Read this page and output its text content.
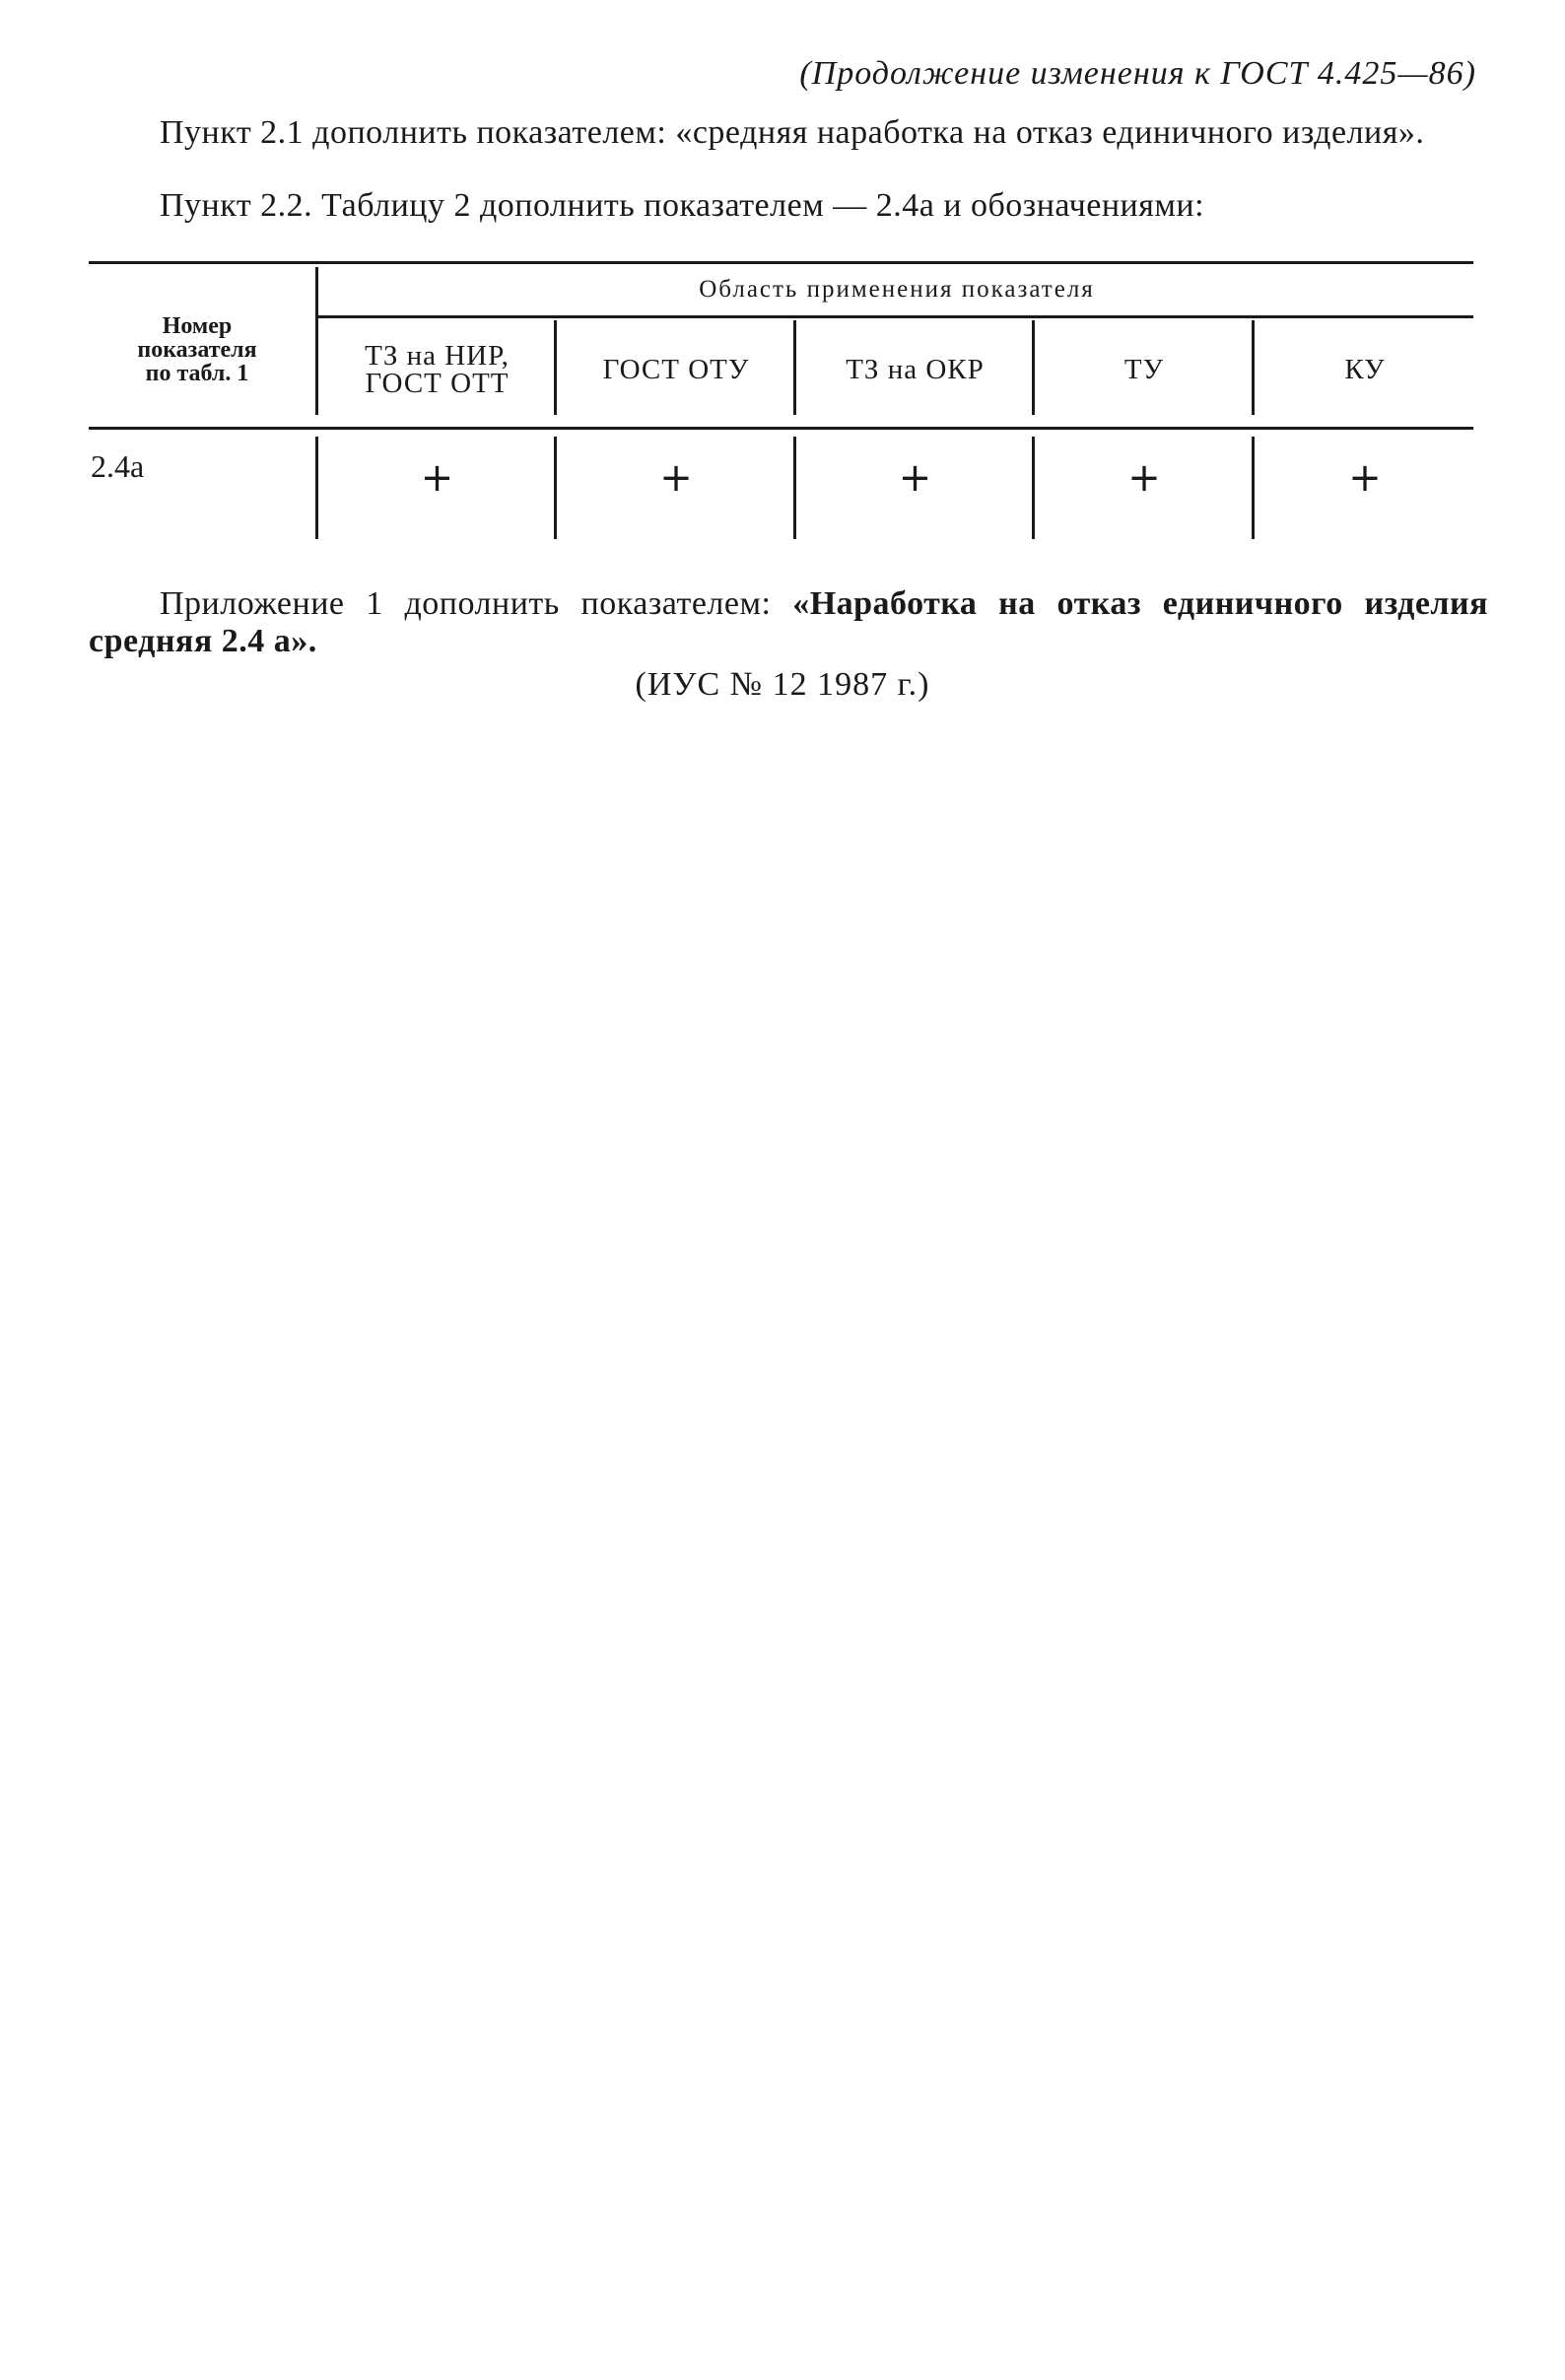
(Продолжение изменения к ГОСТ 4.425—86)
Пункт 2.1 дополнить показателем: «средняя наработка на отказ единичного изделия».
Пункт 2.2. Таблицу 2 дополнить показателем — 2.4а и обозначениями:
Номер
показателя
по табл. 1
Область применения показателя
ТЗ на НИР,
ГОСТ ОТТ	ГОСТ ОТУ	ТЗ на ОКР	ТУ	КУ
2.4а	+	+	+	+	+
Приложение 1 дополнить показателем: «Наработка на отказ единичного изделия средняя 2.4 а».
(ИУС № 12 1987 г.)
